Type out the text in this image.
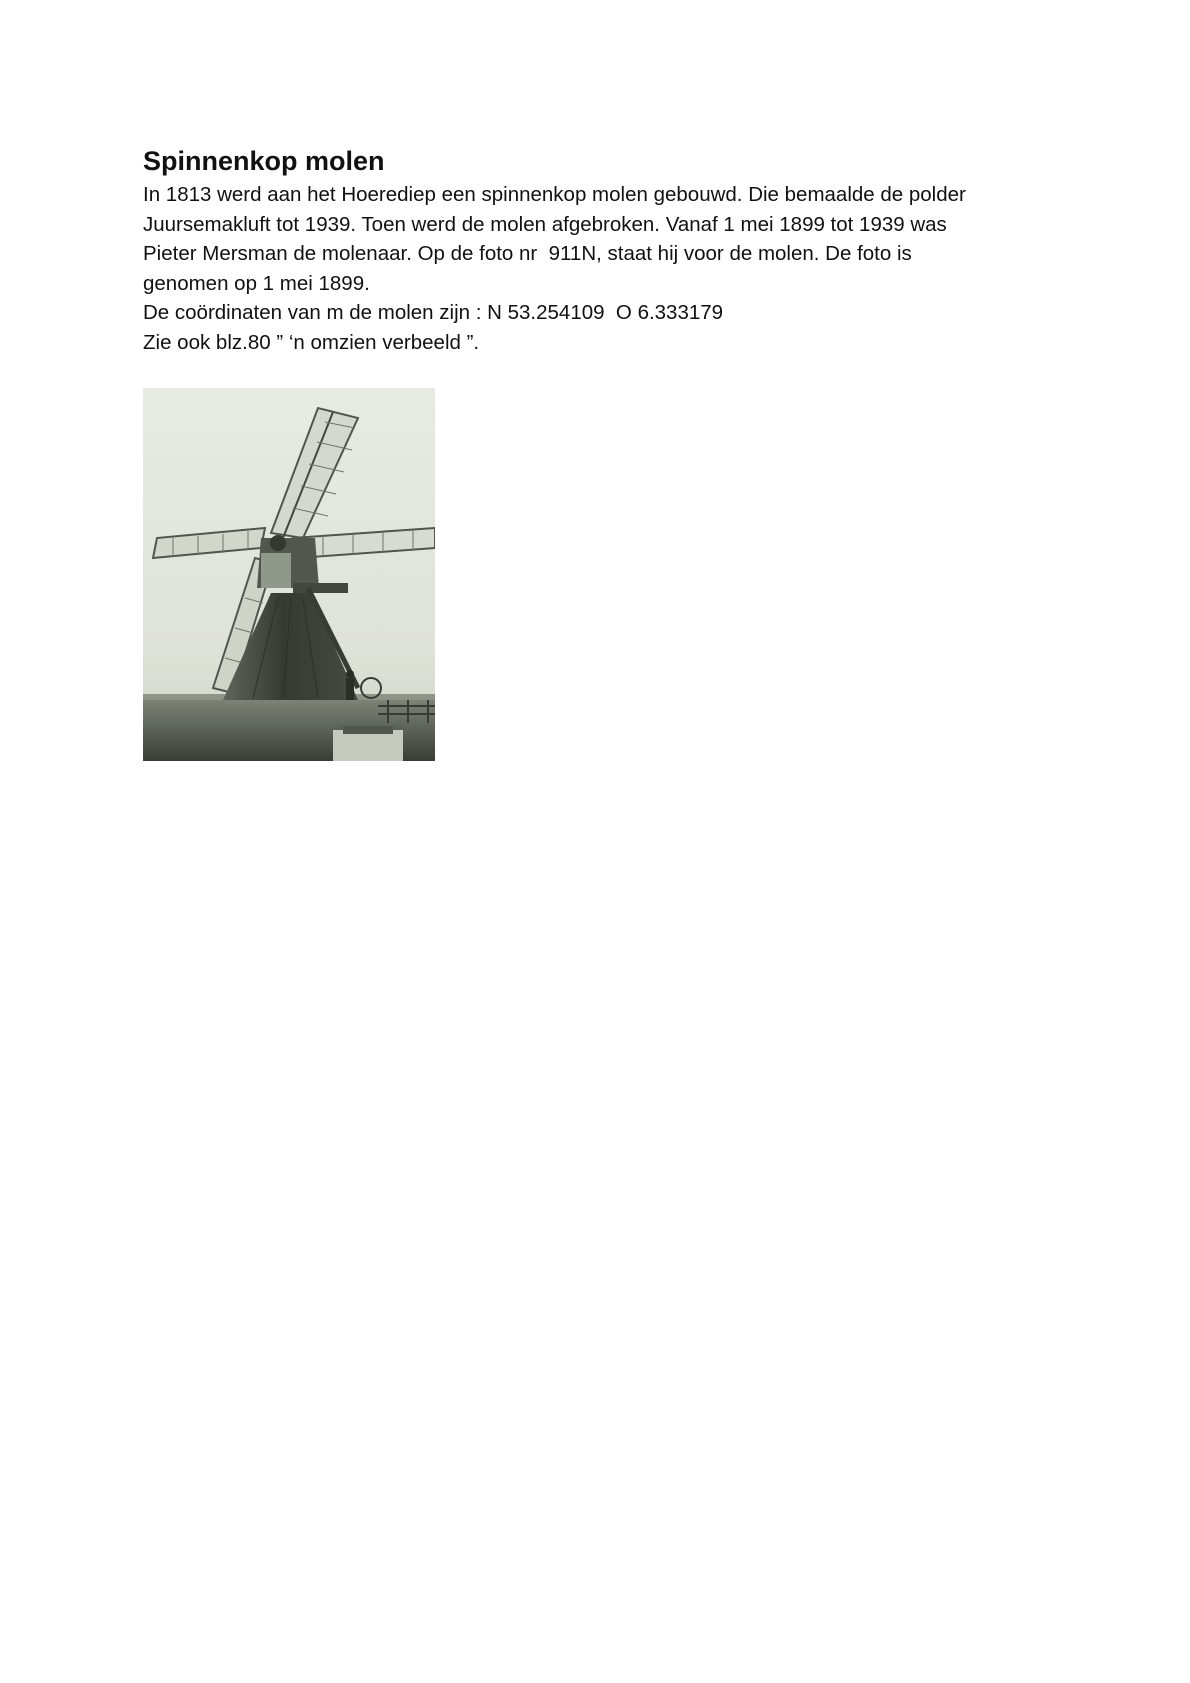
Spinnenkop molen

In 1813 werd aan het Hoerediep een spinnenkop molen gebouwd. Die bemaalde de polder
Juursemakluft tot 1939. Toen werd de molen afgebroken. Vanaf 1 mei 1899 tot 1939 was
Pieter Mersman de molenaar. Op de foto nr  911N, staat hij voor de molen. De foto is
genomen op 1 mei 1899.
De coördinaten van m de molen zijn : N 53.254109  O 6.333179
Zie ook blz.80 ” ‘n omzien verbeeld ”.
